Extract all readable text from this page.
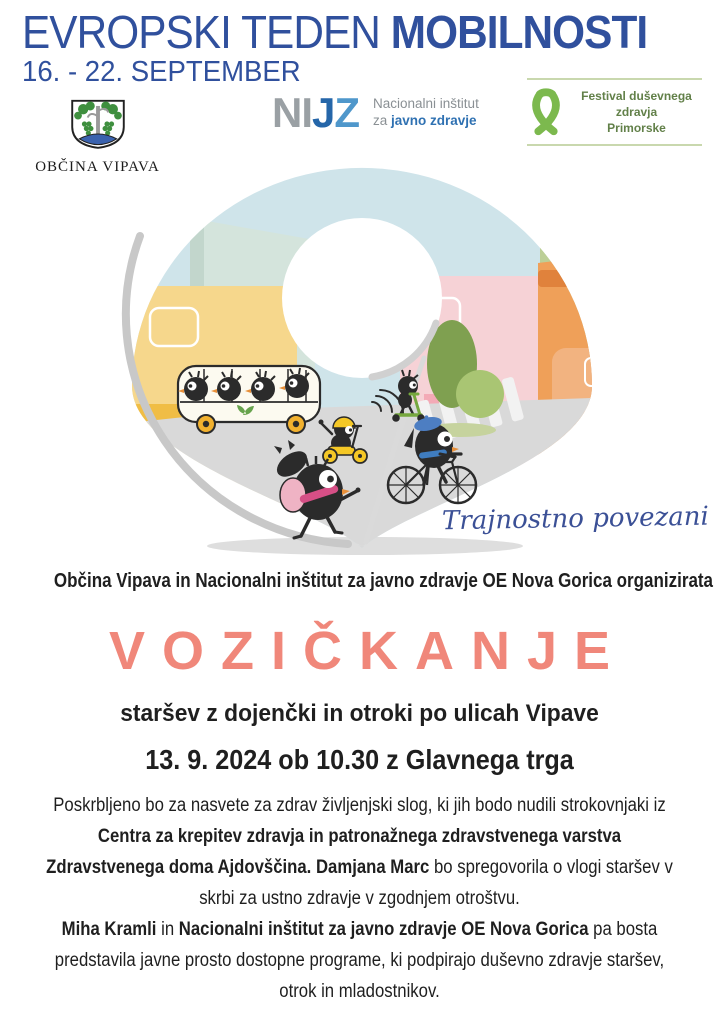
EVROPSKI TEDEN MOBILNOSTI
16. - 22. SEPTEMBER
OBČINA VIPAVA
NIJZ Nacionalni inštitut
za javno zdravje
Festival duševnega zdravja
Primorske
Trajnostno povezani
Občina Vipava in Nacionalni inštitut za javno zdravje OE Nova Gorica organizirata
VOZIČKANJE
staršev z dojenčki in otroki po ulicah Vipave
13. 9. 2024 ob 10.30 z Glavnega trga

Poskrbljeno bo za nasvete za zdrav življenjski slog, ki jih bodo nudili strokovnjaki iz Centra za krepitev zdravja in patronažnega zdravstvenega varstva Zdravstvenega doma Ajdovščina. Damjana Marc bo spregovorila o vlogi staršev v skrbi za ustno zdravje v zgodnjem otroštvu.

Miha Kramli in Nacionalni inštitut za javno zdravje OE Nova Gorica pa bosta predstavila javne prosto dostopne programe, ki podpirajo duševno zdravje staršev, otrok in mladostnikov.
